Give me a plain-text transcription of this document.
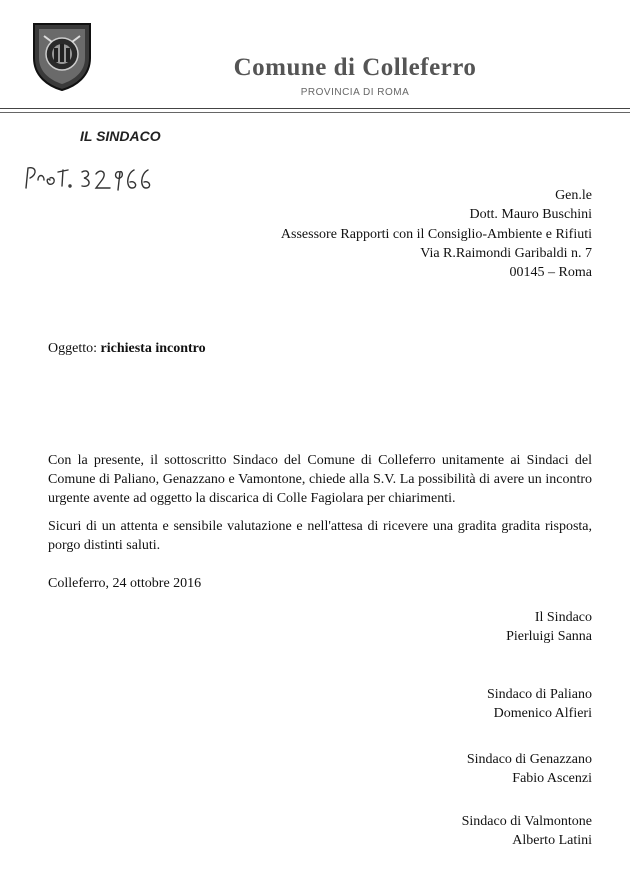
Comune di Colleferro
PROVINCIA DI ROMA
IL SINDACO
Gen.le
Dott. Mauro Buschini
Assessore Rapporti con il Consiglio-Ambiente e Rifiuti
Via R.Raimondi Garibaldi n. 7
00145 – Roma
Oggetto: richiesta incontro
Con la presente, il sottoscritto Sindaco del Comune di Colleferro unitamente ai Sindaci del Comune di Paliano, Genazzano e Vamontone, chiede alla S.V. La possibilità di avere un incontro urgente avente ad oggetto la discarica di Colle Fagiolara per chiarimenti.
Sicuri di un attenta e sensibile valutazione e nell'attesa di ricevere una gradita gradita risposta, porgo distinti saluti.
Colleferro, 24 ottobre 2016
Il Sindaco
Pierluigi Sanna
Sindaco di Paliano
Domenico Alfieri
Sindaco di Genazzano
Fabio Ascenzi
Sindaco di Valmontone
Alberto Latini
